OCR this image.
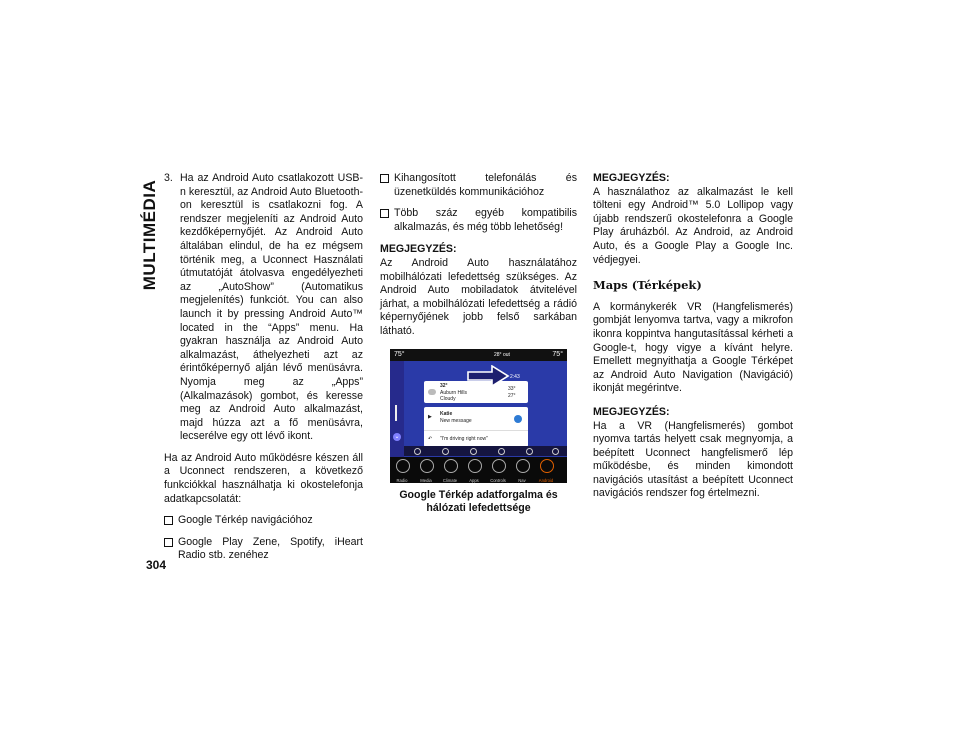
MULTIMÉDIA
3. Ha az Android Auto csatlakozott USB-n keresztül, az Android Auto Bluetooth-on keresztül is csatlakozni fog. A rendszer megjeleníti az Android Auto kezdőképernyőjét. Az Android Auto általában elindul, de ha ez mégsem történik meg, a Uconnect Használati útmutatóját átolvasva engedélyezheti az „AutoShow” (Automatikus megjelenítés) funkciót. You can also launch it by pressing Android Auto™ located in the “Apps” menu. Ha gyakran használja az Android Auto alkalmazást, áthelyezheti azt az érintőképernyő alján lévő menüsávra. Nyomja meg az „Apps” (Alkalmazások) gombot, és keresse meg az Android Auto alkalmazást, majd húzza azt a fő menüsávra, lecserélve egy ott lévő ikont.

Ha az Android Auto működésre készen áll a Uconnect rendszeren, a következő funkciókkal használhatja ki okostelefonja adatkapcsolatát:

Google Térkép navigációhoz
Google Play Zene, Spotify, iHeart Radio stb. zenéhez
Kihangosított telefonálás és üzenetküldés kommunikációhoz
Több száz egyéb kompatibilis alkalmazás, és még több lehetőség!
MEGJEGYZÉS:

Az Android Auto használatához mobilhálózati lefedettség szükséges. Az Android Auto mobiladatok átvitelével járhat, a mobilhálózati lefedettség a rádió képernyőjének jobb felső sarkában látható.

75°	28° out	75°
⌄
2:43
32°
Auburn Hills
Cloudy
33°
27°
▶ Katie
New message
↶ "I'm driving right now"
Radio	Media	Climate	Apps	Controls	Nav	Android

Google Térkép adatforgalma és hálózati lefedettsége

MEGJEGYZÉS:

A használathoz az alkalmazást le kell tölteni egy Android™ 5.0 Lollipop vagy újabb rendszerű okostelefonra a Google Play áruházból. Az Android, az Android Auto, és a Google Play a Google Inc. védjegyei.

Maps (Térképek)

A kormánykerék VR (Hangfelismerés) gombját lenyomva tartva, vagy a mikrofon ikonra koppintva hangutasítással kérheti a Google-t, hogy vigye a kívánt helyre. Emellett megnyithatja a Google Térképet az Android Auto Navigation (Navigáció) ikonját megérintve.

MEGJEGYZÉS:

Ha a VR (Hangfelismerés) gombot nyomva tartás helyett csak megnyomja, a beépített Uconnect hangfelismerő lép működésbe, és minden kimondott navigációs utasítást a beépített Uconnect navigációs rendszer fog értelmezni.

304
